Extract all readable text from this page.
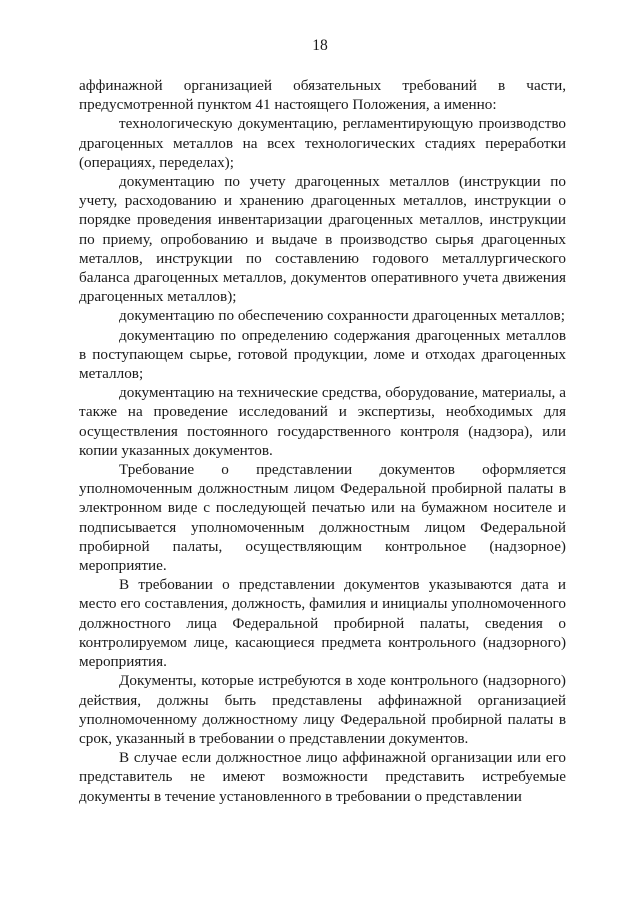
18

аффинажной организацией обязательных требований в части, предусмотренной пунктом 41 настоящего Положения, а именно:

технологическую документацию, регламентирующую производство драгоценных металлов на всех технологических стадиях переработки (операциях, переделах);

документацию по учету драгоценных металлов (инструкции по учету, расходованию и хранению драгоценных металлов, инструкции о порядке проведения инвентаризации драгоценных металлов, инструкции по приему, опробованию и выдаче в производство сырья драгоценных металлов, инструкции по составлению годового металлургического баланса драгоценных металлов, документов оперативного учета движения драгоценных металлов);

документацию по обеспечению сохранности драгоценных металлов;

документацию по определению содержания драгоценных металлов в поступающем сырье, готовой продукции, ломе и отходах драгоценных металлов;

документацию на технические средства, оборудование, материалы, а также на проведение исследований и экспертизы, необходимых для осуществления постоянного государственного контроля (надзора), или копии указанных документов.

Требование о представлении документов оформляется уполномоченным должностным лицом Федеральной пробирной палаты в электронном виде с последующей печатью или на бумажном носителе и подписывается уполномоченным должностным лицом Федеральной пробирной палаты, осуществляющим контрольное (надзорное) мероприятие.

В требовании о представлении документов указываются дата и место его составления, должность, фамилия и инициалы уполномоченного должностного лица Федеральной пробирной палаты, сведения о контролируемом лице, касающиеся предмета контрольного (надзорного) мероприятия.

Документы, которые истребуются в ходе контрольного (надзорного) действия, должны быть представлены аффинажной организацией уполномоченному должностному лицу Федеральной пробирной палаты в срок, указанный в требовании о представлении документов.

В случае если должностное лицо аффинажной организации или его представитель не имеют возможности представить истребуемые документы в течение установленного в требовании о представлении
